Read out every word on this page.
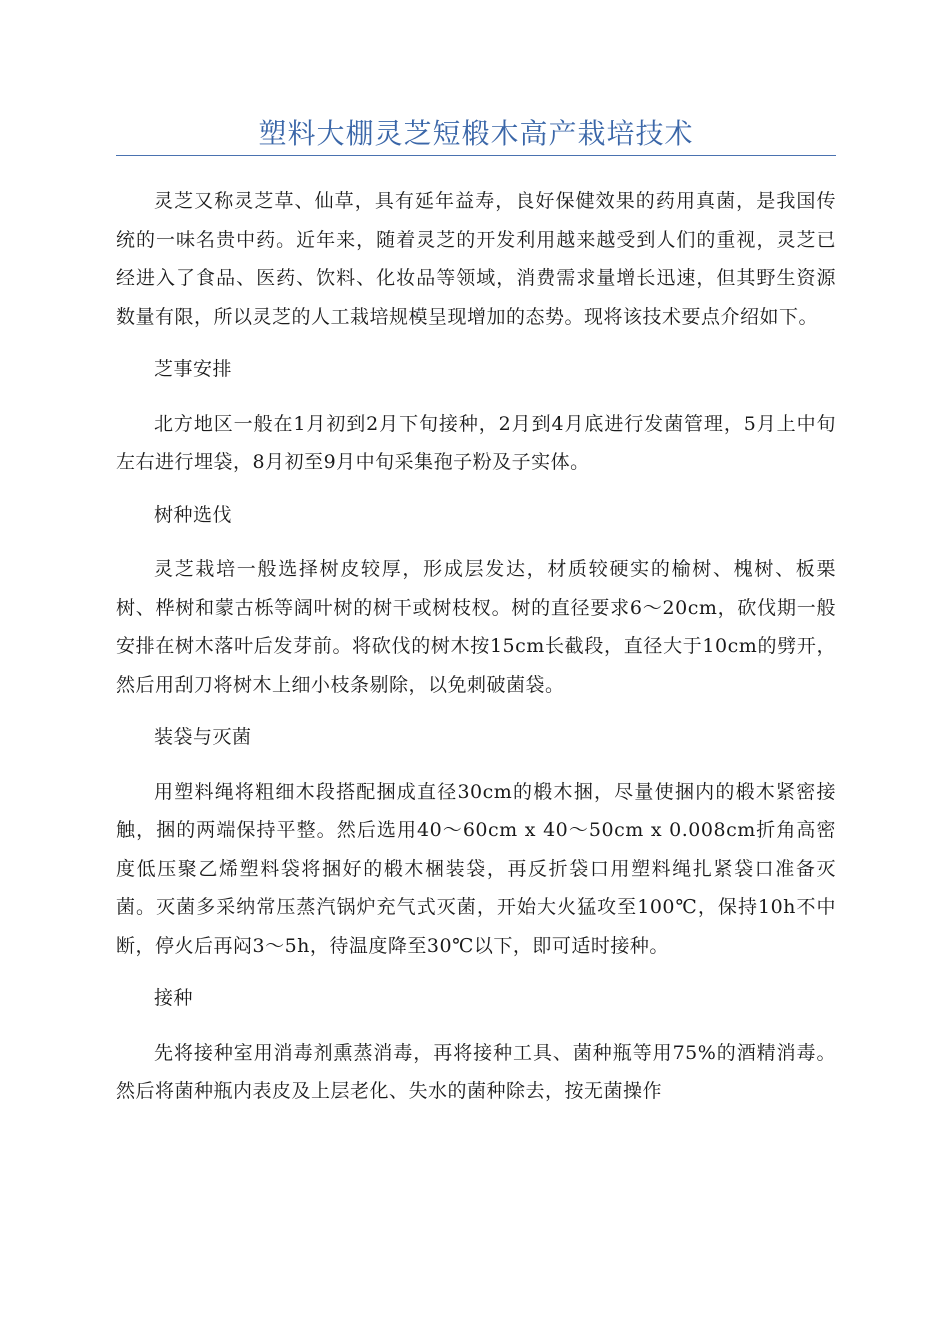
塑料大棚灵芝短椴木高产栽培技术

灵芝又称灵芝草、仙草，具有延年益寿，良好保健效果的药用真菌，是我国传统的一味名贵中药。近年来，随着灵芝的开发利用越来越受到人们的重视，灵芝已经进入了食品、医药、饮料、化妆品等领域，消费需求量增长迅速，但其野生资源数量有限，所以灵芝的人工栽培规模呈现增加的态势。现将该技术要点介绍如下。

芝事安排

北方地区一般在1月初到2月下旬接种，2月到4月底进行发菌管理，5月上中旬左右进行埋袋，8月初至9月中旬采集孢子粉及子实体。

树种选伐

灵芝栽培一般选择树皮较厚，形成层发达，材质较硬实的榆树、槐树、板栗树、桦树和蒙古栎等阔叶树的树干或树枝杈。树的直径要求6～20cm，砍伐期一般安排在树木落叶后发芽前。将砍伐的树木按15cm长截段，直径大于10cm的劈开，然后用刮刀将树木上细小枝条剔除，以免刺破菌袋。

装袋与灭菌

用塑料绳将粗细木段搭配捆成直径30cm的椴木捆，尽量使捆内的椴木紧密接触，捆的两端保持平整。然后选用40～60cm x 40～50cm x 0.008cm折角高密度低压聚乙烯塑料袋将捆好的椴木梱装袋，再反折袋口用塑料绳扎紧袋口准备灭菌。灭菌多采纳常压蒸汽锅炉充气式灭菌，开始大火猛攻至100℃，保持10h不中断，停火后再闷3～5h，待温度降至30℃以下，即可适时接种。

接种

先将接种室用消毒剂熏蒸消毒，再将接种工具、菌种瓶等用75%的酒精消毒。然后将菌种瓶内表皮及上层老化、失水的菌种除去，按无菌操作
